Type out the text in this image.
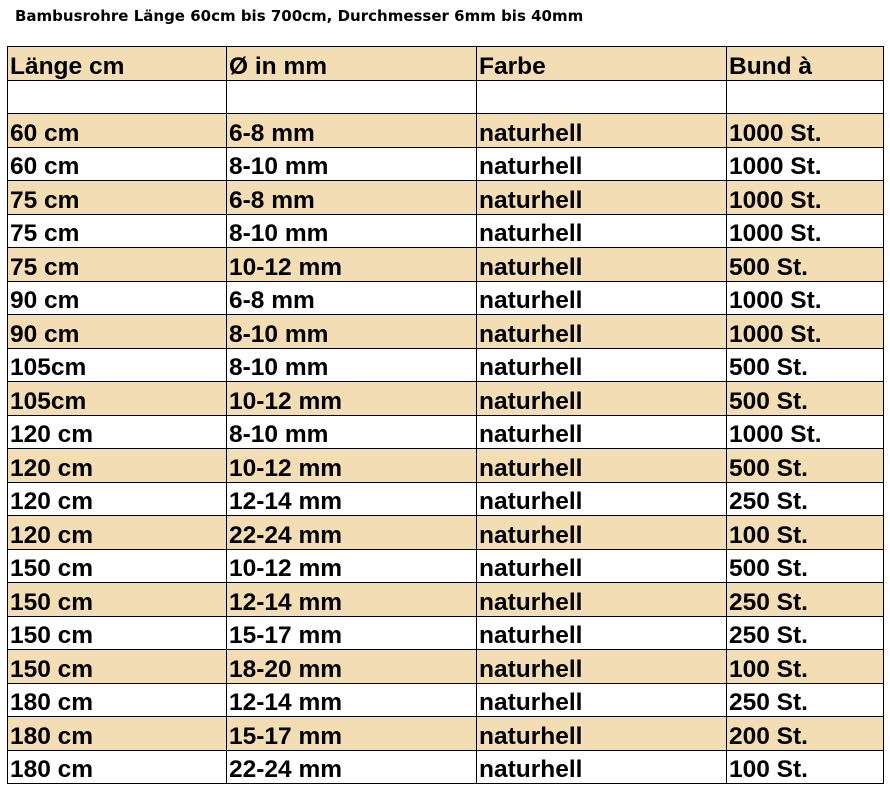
Bambusrohre Länge 60cm bis 700cm, Durchmesser 6mm bis 40mm
Länge cm	Ø in mm	Farbe	Bund à

60 cm	6-8 mm	naturhell	1000 St.
60 cm	8-10 mm	naturhell	1000 St.
75 cm	6-8 mm	naturhell	1000 St.
75 cm	8-10 mm	naturhell	1000 St.
75 cm	10-12 mm	naturhell	500 St.
90 cm	6-8 mm	naturhell	1000 St.
90 cm	8-10 mm	naturhell	1000 St.
105cm	8-10 mm	naturhell	500 St.
105cm	10-12 mm	naturhell	500 St.
120 cm	8-10 mm	naturhell	1000 St.
120 cm	10-12 mm	naturhell	500 St.
120 cm	12-14 mm	naturhell	250 St.
120 cm	22-24 mm	naturhell	100 St.
150 cm	10-12 mm	naturhell	500 St.
150 cm	12-14 mm	naturhell	250 St.
150 cm	15-17 mm	naturhell	250 St.
150 cm	18-20 mm	naturhell	100 St.
180 cm	12-14 mm	naturhell	250 St.
180 cm	15-17 mm	naturhell	200 St.
180 cm	22-24 mm	naturhell	100 St.
